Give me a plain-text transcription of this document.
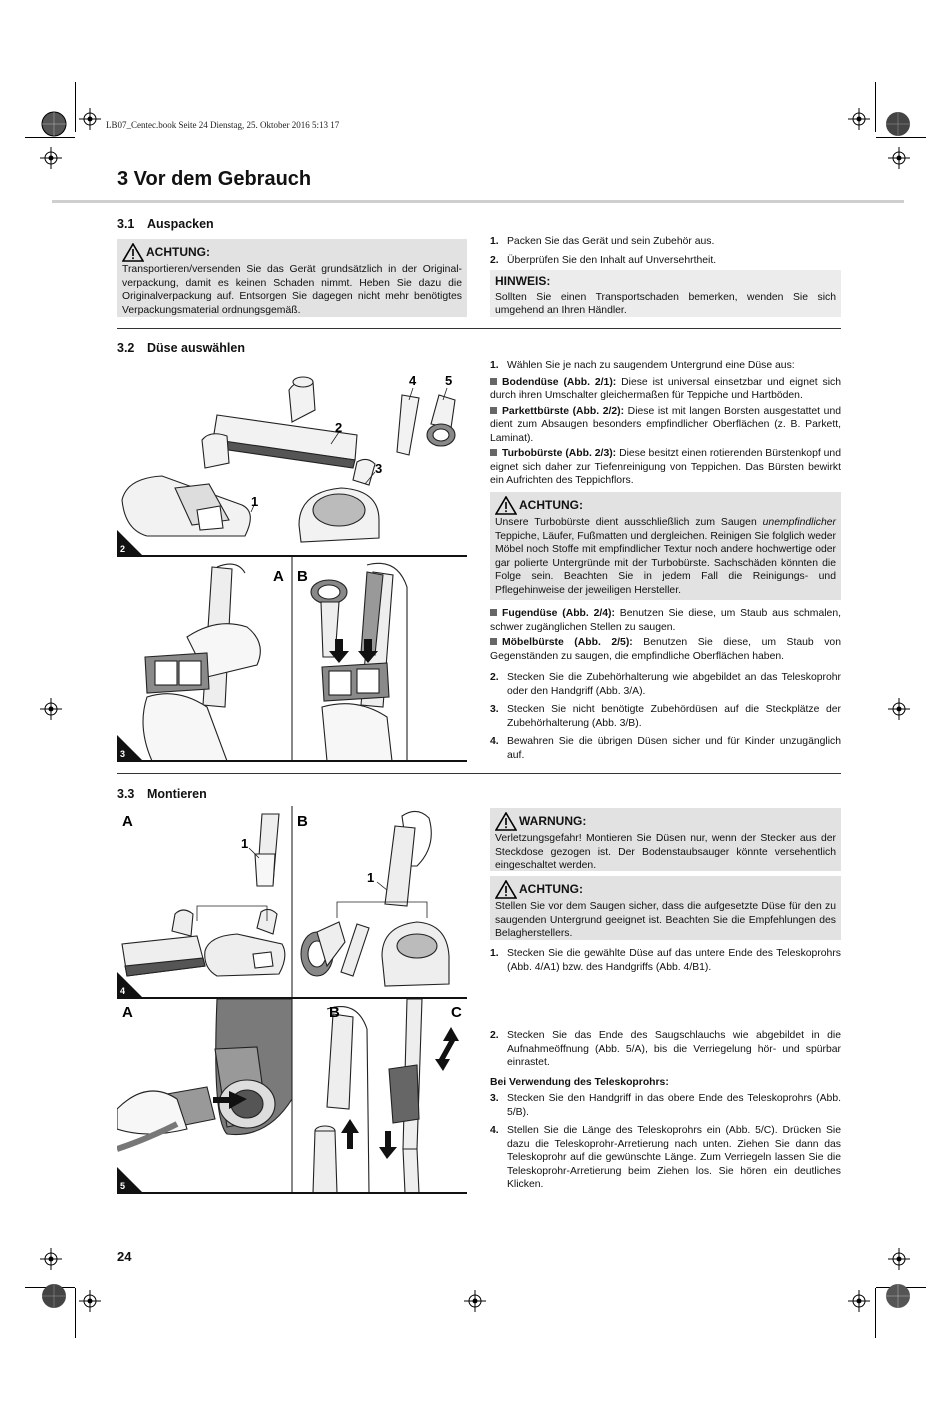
LB07_Centec.book Seite 24 Dienstag, 25. Oktober 2016 5:13 17
3 Vor dem Gebrauch
3.1 Auspacken
ACHTUNG:
Transportieren/versenden Sie das Gerät grundsätzlich in der Original-verpackung, damit es keinen Schaden nimmt. Heben Sie dazu die Originalverpackung auf. Entsorgen Sie dagegen nicht mehr benötigtes Verpackungsmaterial ordnungsgemäß.
1. Packen Sie das Gerät und sein Zubehör aus.
2. Überprüfen Sie den Inhalt auf Unversehrtheit.
HINWEIS:
Sollten Sie einen Transportschaden bemerken, wenden Sie sich umgehend an Ihren Händler.
3.2 Düse auswählen
1
2
3
4 5
2
A B
3
1. Wählen Sie je nach zu saugendem Untergrund eine Düse aus:
Bodendüse (Abb. 2/1): Diese ist universal einsetzbar und eignet sich durch ihren Umschalter gleichermaßen für Teppiche und Hartböden.
Parkettbürste (Abb. 2/2): Diese ist mit langen Borsten ausgestattet und dient zum Absaugen besonders empfindlicher Oberflächen (z. B. Parkett, Laminat).
Turbobürste (Abb. 2/3): Diese besitzt einen rotierenden Bürstenkopf und eignet sich daher zur Tiefenreinigung von Teppichen. Das Bürsten bewirkt ein Aufrichten des Teppichflors.
ACHTUNG:
Unsere Turbobürste dient ausschließlich zum Saugen unempfindlicher Teppiche, Läufer, Fußmatten und dergleichen. Reinigen Sie folglich weder Möbel noch Stoffe mit empfindlicher Textur noch andere hochwertige oder gar polierte Untergründe mit der Turbobürste. Sachschäden könnten die Folge sein. Beachten Sie in jedem Fall die Reinigungs- und Pflegehinweise der jeweiligen Hersteller.
Fugendüse (Abb. 2/4): Benutzen Sie diese, um Staub aus schmalen, schwer zugänglichen Stellen zu saugen.
Möbelbürste (Abb. 2/5): Benutzen Sie diese, um Staub von Gegenständen zu saugen, die empfindliche Oberflächen haben.
2. Stecken Sie die Zubehörhalterung wie abgebildet an das Teleskoprohr oder den Handgriff (Abb. 3/A).
3. Stecken Sie nicht benötigte Zubehördüsen auf die Steckplätze der Zubehörhalterung (Abb. 3/B).
4. Bewahren Sie die übrigen Düsen sicher und für Kinder unzugänglich auf.
3.3 Montieren
A	B
1
1
4
A	B	C
5
WARNUNG:
Verletzungsgefahr! Montieren Sie Düsen nur, wenn der Stecker aus der Steckdose gezogen ist. Der Bodenstaubsauger könnte versehentlich eingeschaltet werden.
ACHTUNG:
Stellen Sie vor dem Saugen sicher, dass die aufgesetzte Düse für den zu saugenden Untergrund geeignet ist. Beachten Sie die Empfehlungen des Belagherstellers.
1. Stecken Sie die gewählte Düse auf das untere Ende des Teleskoprohrs (Abb. 4/A1) bzw. des Handgriffs (Abb. 4/B1).
2. Stecken Sie das Ende des Saugschlauchs wie abgebildet in die Aufnahmeöffnung (Abb. 5/A), bis die Verriegelung hör- und spürbar einrastet.
Bei Verwendung des Teleskoprohrs:
3. Stecken Sie den Handgriff in das obere Ende des Teleskoprohrs (Abb. 5/B).
4. Stellen Sie die Länge des Teleskoprohrs ein (Abb. 5/C). Drücken Sie dazu die Teleskoprohr-Arretierung nach unten. Ziehen Sie dann das Teleskoprohr auf die gewünschte Länge. Zum Verriegeln lassen Sie die Teleskoprohr-Arretierung beim Ziehen los. Sie hören ein deutliches Klicken.
24
